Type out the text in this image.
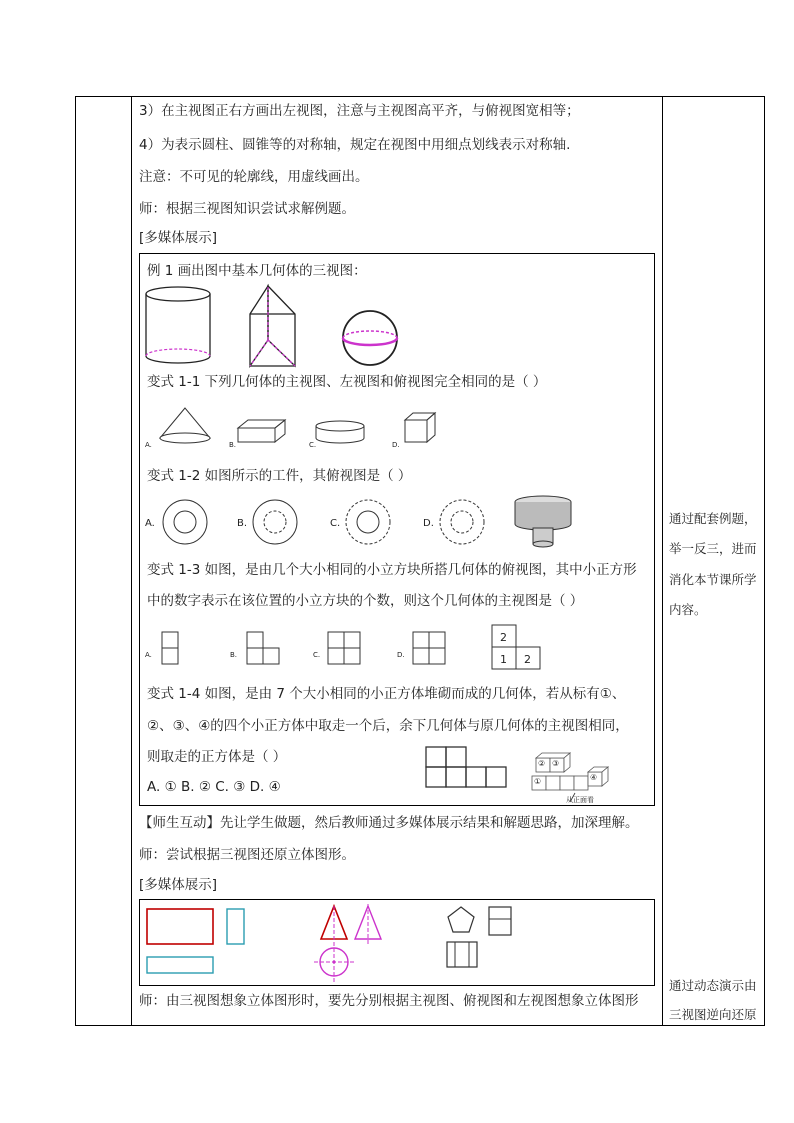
3）在主视图正右方画出左视图，注意与主视图高平齐，与俯视图宽相等；
4）为表示圆柱、圆锥等的对称轴，规定在视图中用细点划线表示对称轴.
注意：不可见的轮廓线，用虚线画出。
师：根据三视图知识尝试求解例题。
[多媒体展示]
例 1 画出图中基本几何体的三视图：
变式 1-1 下列几何体的主视图、左视图和俯视图完全相同的是（ ）
A.	B.	C.	D.
变式 1-2 如图所示的工件，其俯视图是（ ）
A.	B.	C.	D.
变式 1-3 如图，是由几个大小相同的小立方块所搭几何体的俯视图，其中小正方形
中的数字表示在该位置的小立方块的个数，则这个几何体的主视图是（ ）
A.	B.	C.	D.
2
1 2
变式 1-4 如图，是由 7 个大小相同的小正方体堆砌而成的几何体，若从标有①、
②、③、④的四个小正方体中取走一个后，余下几何体与原几何体的主视图相同，
则取走的正方体是（ ）
A. ① B. ② C. ③ D. ④
② ③
①	④
从正面看
【师生互动】先让学生做题，然后教师通过多媒体展示结果和解题思路，加深理解。
师：尝试根据三视图还原立体图形。
[多媒体展示]
师：由三视图想象立体图形时，要先分别根据主视图、俯视图和左视图想象立体图形
通过配套例题，
举一反三，进而
消化本节课所学
内容。
通过动态演示由
三视图逆向还原
